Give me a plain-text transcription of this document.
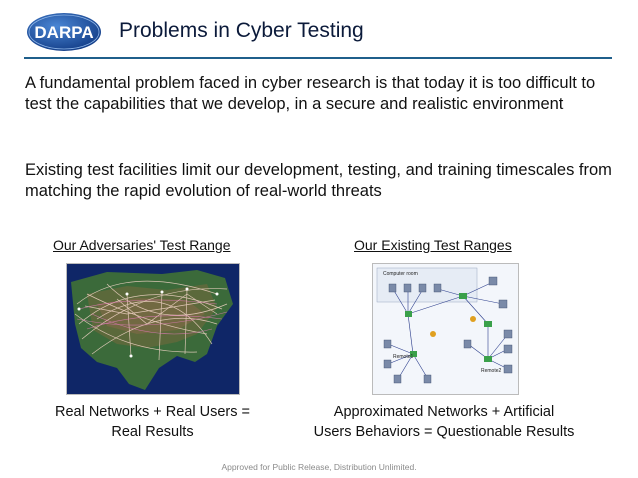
DARPA Problems in Cyber Testing
A fundamental problem faced in cyber research is that today it is too difficult to test the capabilities that we develop, in a secure and realistic environment
Existing test facilities limit our development, testing, and training timescales from matching the rapid evolution of real-world threats
Our Adversaries' Test Range	Our Existing Test Ranges
Computer room
Remote1
Remote2
Real Networks + Real Users =
Real Results
Approximated Networks + Artificial
Users Behaviors = Questionable Results
Approved for Public Release, Distribution Unlimited.
